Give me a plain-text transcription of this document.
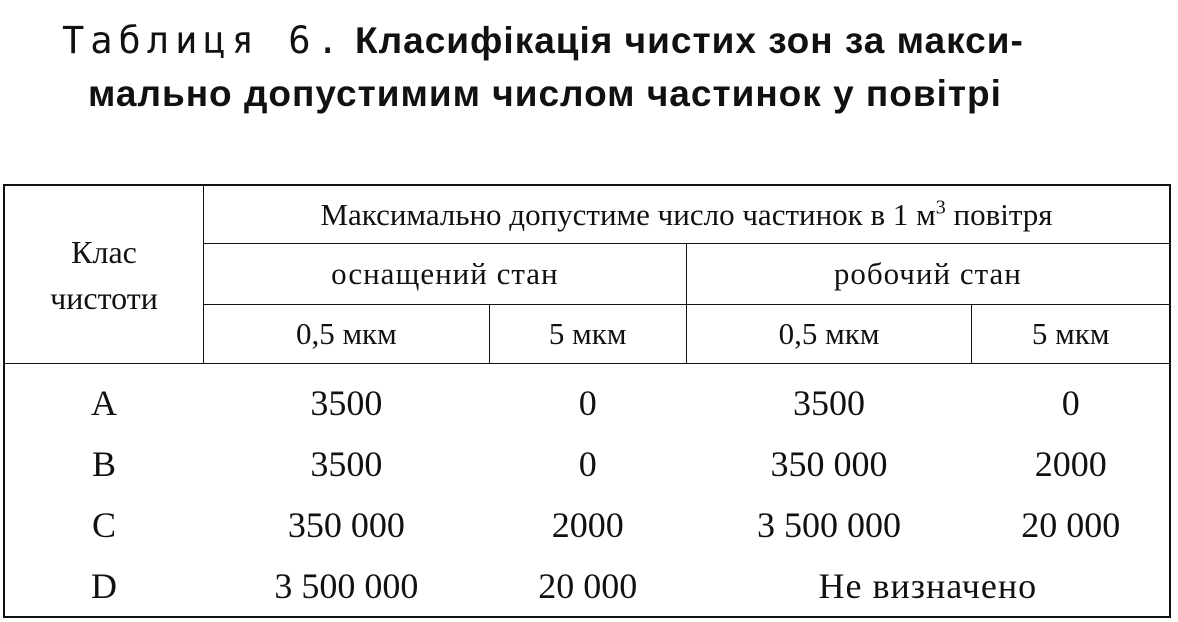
Таблиця 6. Класифікація чистих зон за макси-
мально допустимим числом частинок у повітрі
Клас
чистоти	Максимально допустиме число частинок в 1 $м^3$ повітря			
	оснащений стан		робочий стан	
	0,5 мкм	5 мкм	0,5 мкм	5 мкм
A	3500	0	3500	0
B	3500	0	350 000	2000
C	350 000	2000	3 500 000	20 000
D	3 500 000	20 000	Не визначено	
